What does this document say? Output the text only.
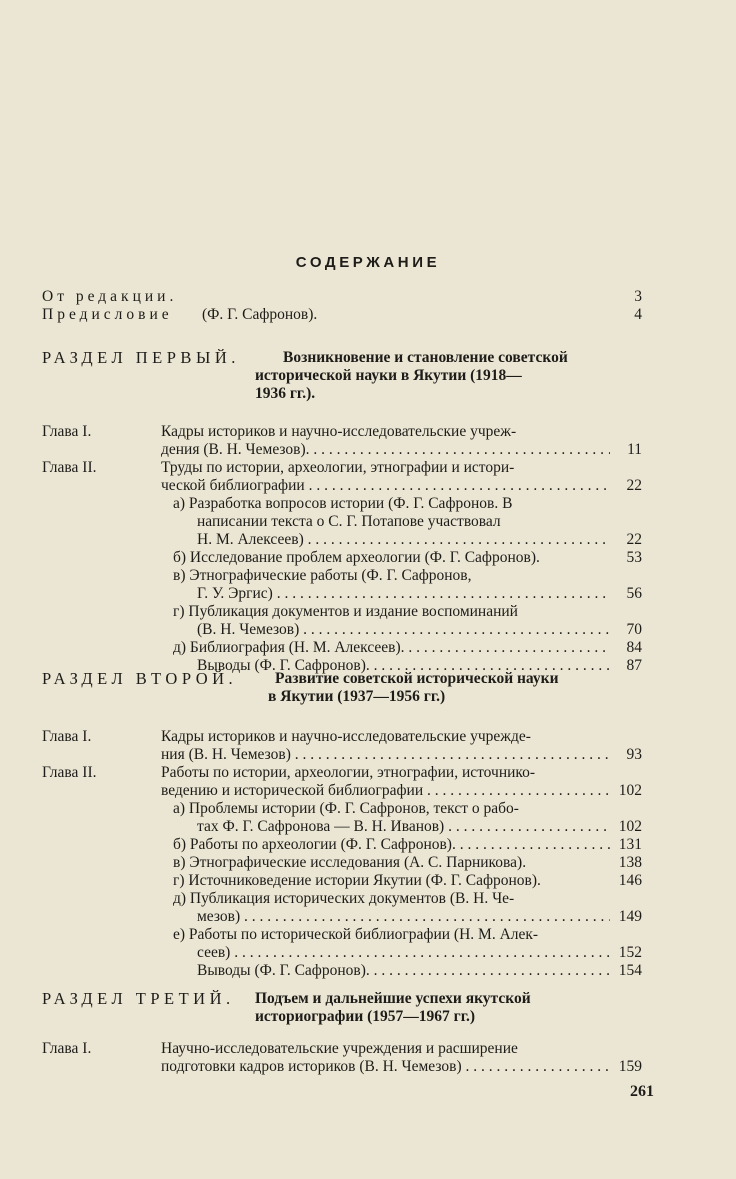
СОДЕРЖАНИЕ
От редакции.	3
Предисловие (Ф. Г. Сафронов).	4
РАЗДЕЛ ПЕРВЫЙ.	Возникновение и становление советской
исторической науки в Якутии (1918—
1936 гг.).
Глава I.	Кадры историков и научно-исследовательские учреж-
дения (В. Н. Чемезов). . . .	11
Глава II.	Труды по истории, археологии, этнографии и истори-
ческой библиографии . . .	22
а) Разработка вопросов истории (Ф. Г. Сафронов. В
написании текста о С. Г. Потапове участвовал
Н. М. Алексеев) . . .	22
б) Исследование проблем археологии (Ф. Г. Сафронов).	53
в) Этнографические работы (Ф. Г. Сафронов,
Г. У. Эргис) . . .	56
г) Публикация документов и издание воспоминаний
(В. Н. Чемезов) . . .	70
д) Библиография (Н. М. Алексеев). . . .	84
Выводы (Ф. Г. Сафронов). . . .	87
РАЗДЕЛ ВТОРОЙ. Развитие советской исторической науки
в Якутии (1937—1956 гг.)
Глава I.	Кадры историков и научно-исследовательские учрежде-
ния (В. Н. Чемезов) . . .	93
Глава II.	Работы по истории, археологии, этнографии, источнико-
ведению и исторической библиографии . . .	102
а) Проблемы истории (Ф. Г. Сафронов, текст о рабо-
тах Ф. Г. Сафронова — В. Н. Иванов) . . .	102
б) Работы по археологии (Ф. Г. Сафронов). . . .	131
в) Этнографические исследования (А. С. Парникова).	138
г) Источниковедение истории Якутии (Ф. Г. Сафронов).	146
д) Публикация исторических документов (В. Н. Че-
мезов) . . .	149
е) Работы по исторической библиографии (Н. М. Алек-
сеев) . . .	152
Выводы (Ф. Г. Сафронов). . . .	154
РАЗДЕЛ ТРЕТИЙ. Подъем и дальнейшие успехи якутской
историографии (1957—1967 гг.)
Глава I.	Научно-исследовательские учреждения и расширение
подготовки кадров историков (В. Н. Чемезов) . . .	159
261
